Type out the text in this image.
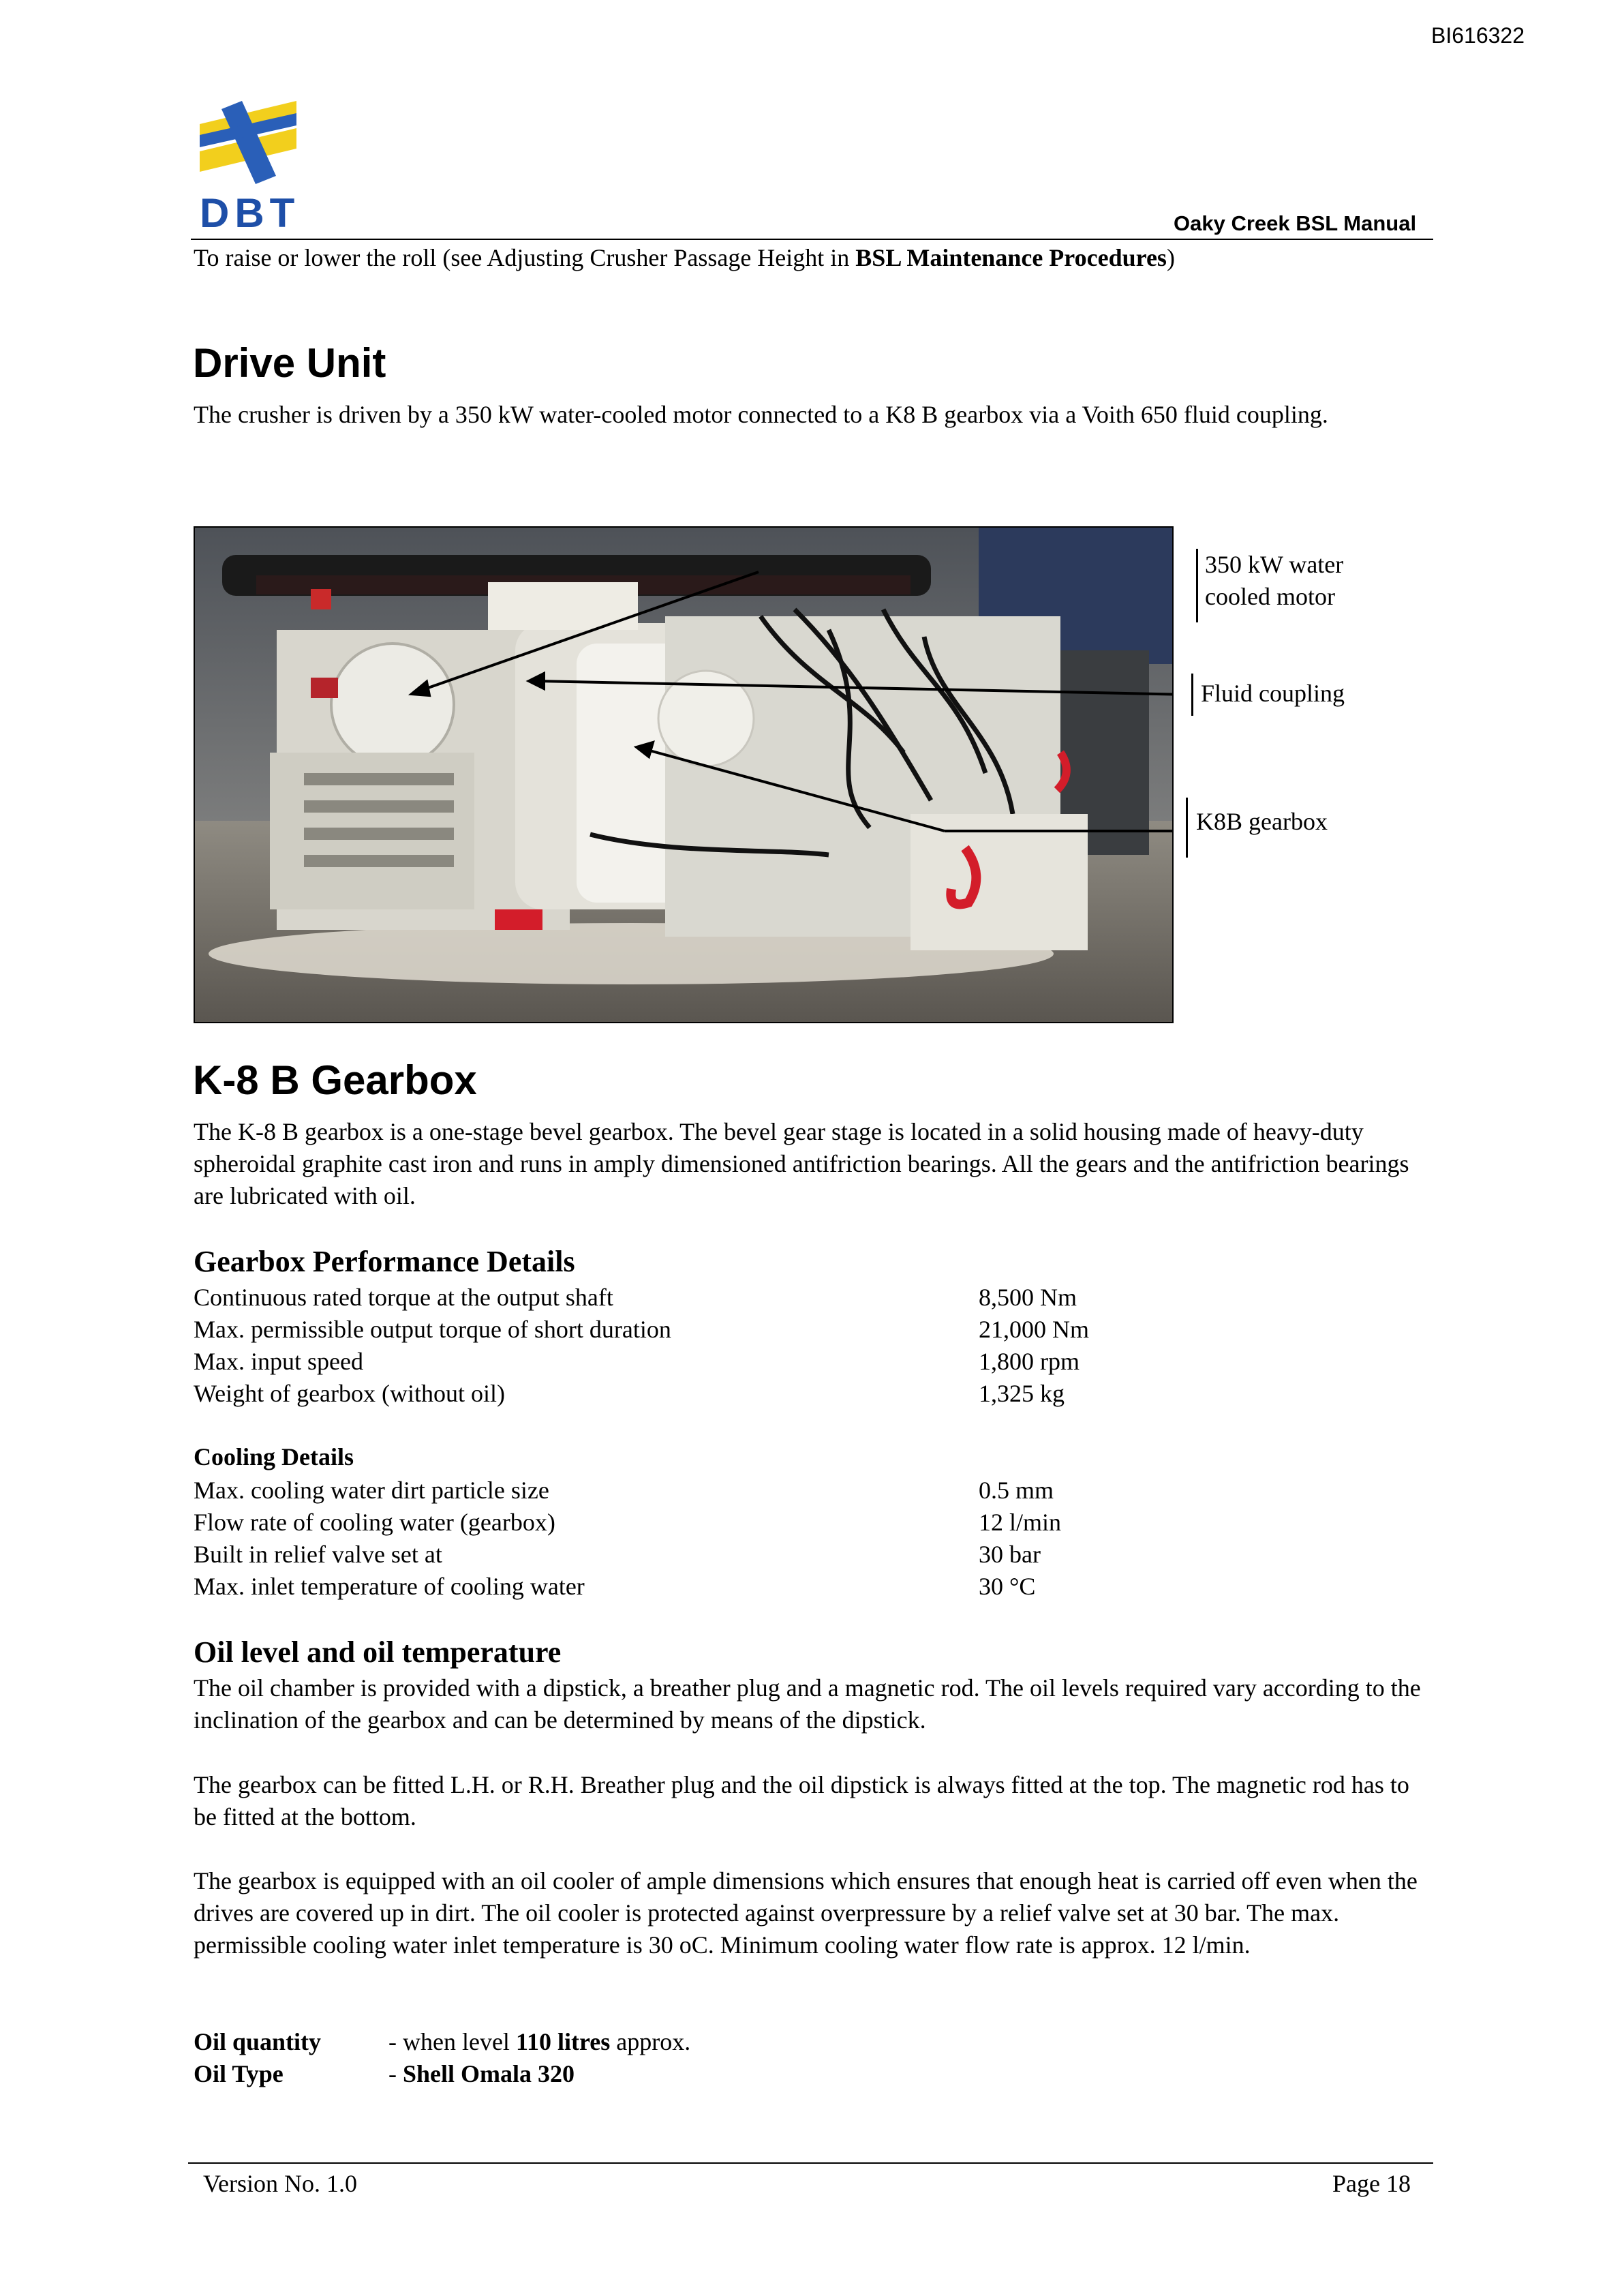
BI616322
DBT	Oaky Creek BSL Manual
To raise or lower the roll (see Adjusting Crusher Passage Height in BSL Maintenance Procedures)
Drive Unit
The crusher is driven by a 350 kW water-cooled motor connected to a K8 B gearbox via a Voith 650 fluid coupling.
350 kW water
cooled motor
Fluid coupling
K8B gearbox
K-8 B Gearbox
The K-8 B gearbox is a one-stage bevel gearbox. The bevel gear stage is located in a solid housing made of heavy-duty spheroidal graphite cast iron and runs in amply dimensioned antifriction bearings. All the gears and the antifriction bearings are lubricated with oil.
Gearbox Performance Details
Continuous rated torque at the output shaft	8,500 Nm
Max. permissible output torque of short duration	21,000 Nm
Max. input speed	1,800 rpm
Weight of gearbox (without oil)	1,325 kg
Cooling Details
Max. cooling water dirt particle size	0.5 mm
Flow rate of cooling water (gearbox)	12 l/min
Built in relief valve set at	30 bar
Max. inlet temperature of cooling water	30 °C
Oil level and oil temperature
The oil chamber is provided with a dipstick, a breather plug and a magnetic rod. The oil levels required vary according to the inclination of the gearbox and can be determined by means of the dipstick.
The gearbox can be fitted L.H. or R.H. Breather plug and the oil dipstick is always fitted at the top. The magnetic rod has to be fitted at the bottom.
The gearbox is equipped with an oil cooler of ample dimensions which ensures that enough heat is carried off even when the drives are covered up in dirt. The oil cooler is protected against overpressure by a relief valve set at 30 bar. The max. permissible cooling water inlet temperature is 30 oC. Minimum cooling water flow rate is approx. 12 l/min.
Oil quantity	- when level 110 litres approx.
Oil Type	- Shell Omala 320
Version No. 1.0	Page 18
